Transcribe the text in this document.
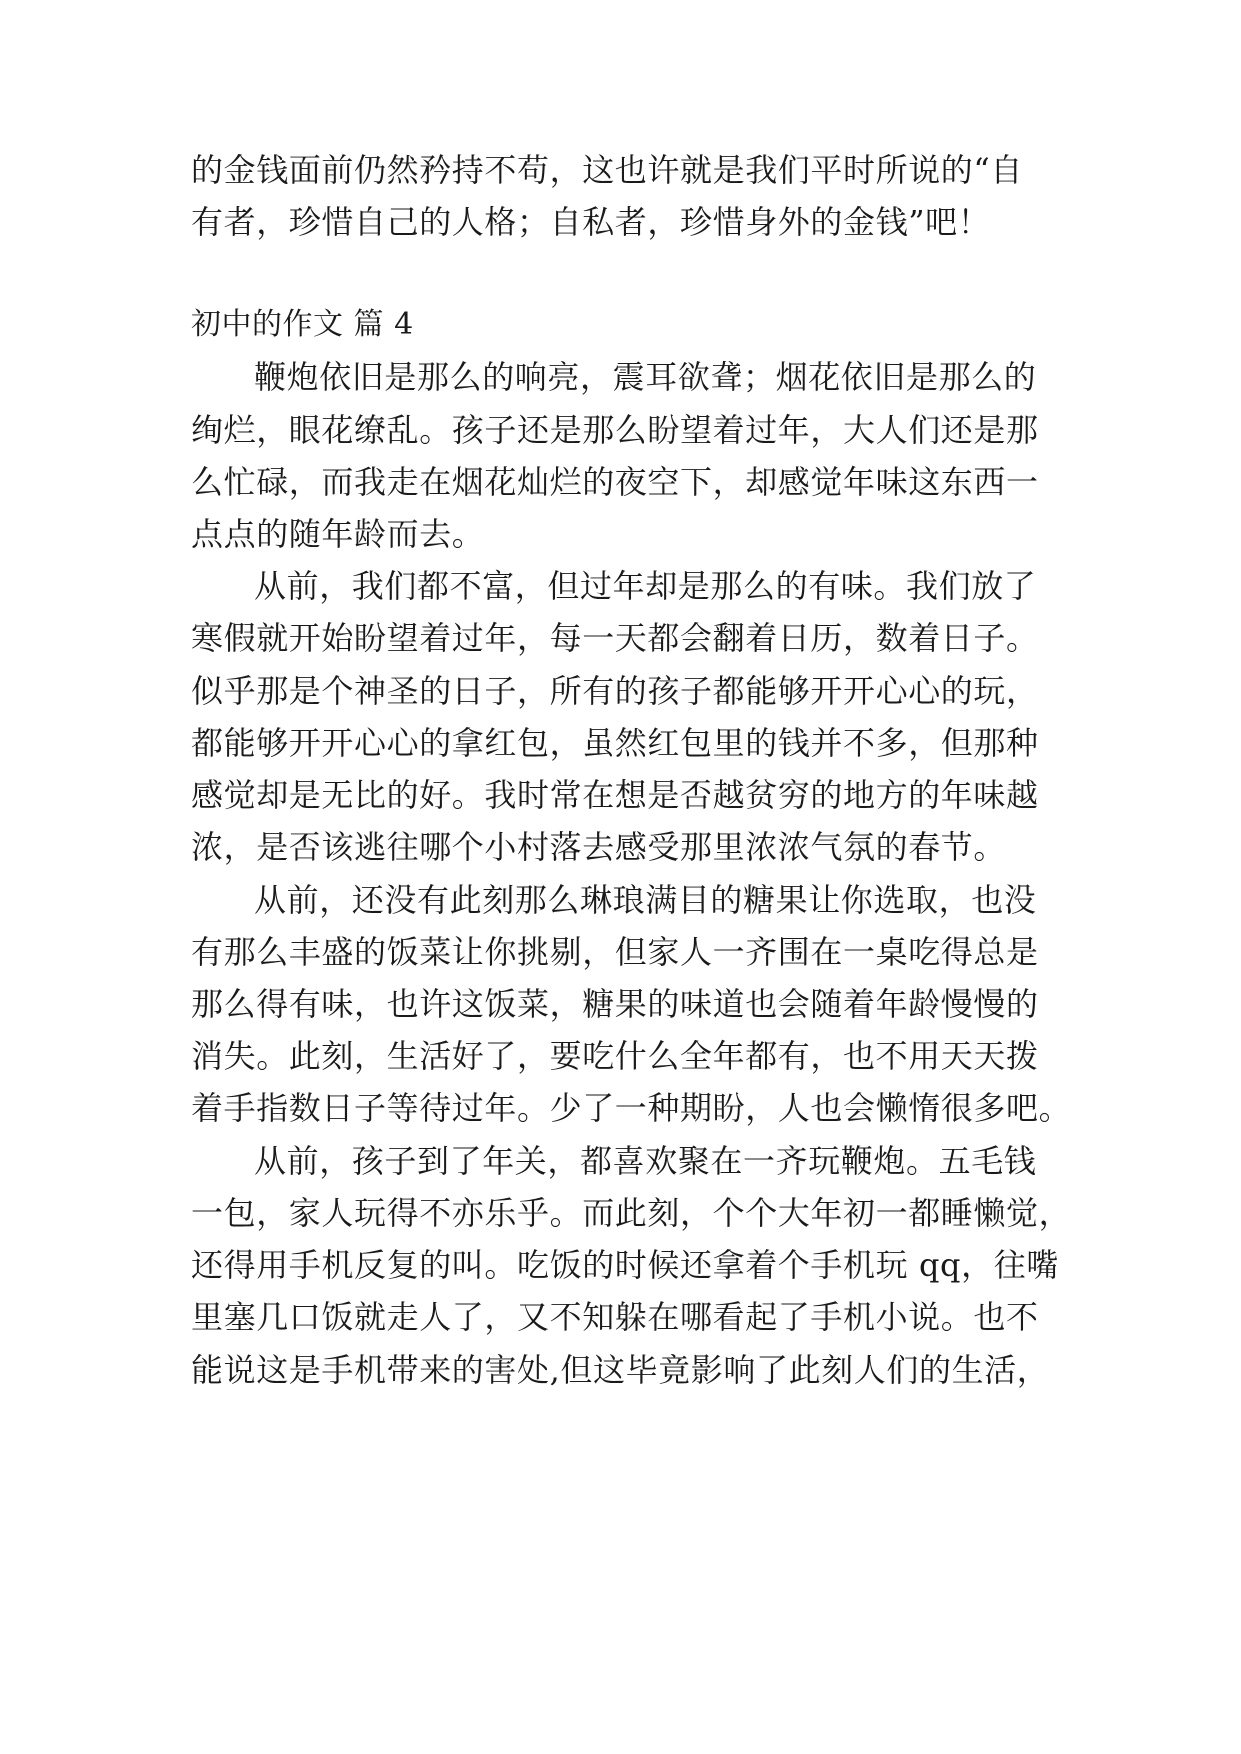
的金钱面前仍然矜持不苟，这也许就是我们平时所说的“自
有者，珍惜自己的人格；自私者，珍惜身外的金钱”吧！
初中的作文 篇 4
鞭炮依旧是那么的响亮，震耳欲聋；烟花依旧是那么的
绚烂，眼花缭乱。孩子还是那么盼望着过年，大人们还是那
么忙碌，而我走在烟花灿烂的夜空下，却感觉年味这东西一
点点的随年龄而去。
从前，我们都不富，但过年却是那么的有味。我们放了
寒假就开始盼望着过年，每一天都会翻着日历，数着日子。
似乎那是个神圣的日子，所有的孩子都能够开开心心的玩，
都能够开开心心的拿红包，虽然红包里的钱并不多，但那种
感觉却是无比的好。我时常在想是否越贫穷的地方的年味越
浓，是否该逃往哪个小村落去感受那里浓浓气氛的春节。
从前，还没有此刻那么琳琅满目的糖果让你选取，也没
有那么丰盛的饭菜让你挑剔，但家人一齐围在一桌吃得总是
那么得有味，也许这饭菜，糖果的味道也会随着年龄慢慢的
消失。此刻，生活好了，要吃什么全年都有，也不用天天拨
着手指数日子等待过年。少了一种期盼，人也会懒惰很多吧。
从前，孩子到了年关，都喜欢聚在一齐玩鞭炮。五毛钱
一包，家人玩得不亦乐乎。而此刻，个个大年初一都睡懒觉，
还得用手机反复的叫。吃饭的时候还拿着个手机玩 qq，往嘴
里塞几口饭就走人了，又不知躲在哪看起了手机小说。也不
能说这是手机带来的害处,但这毕竟影响了此刻人们的生活，
